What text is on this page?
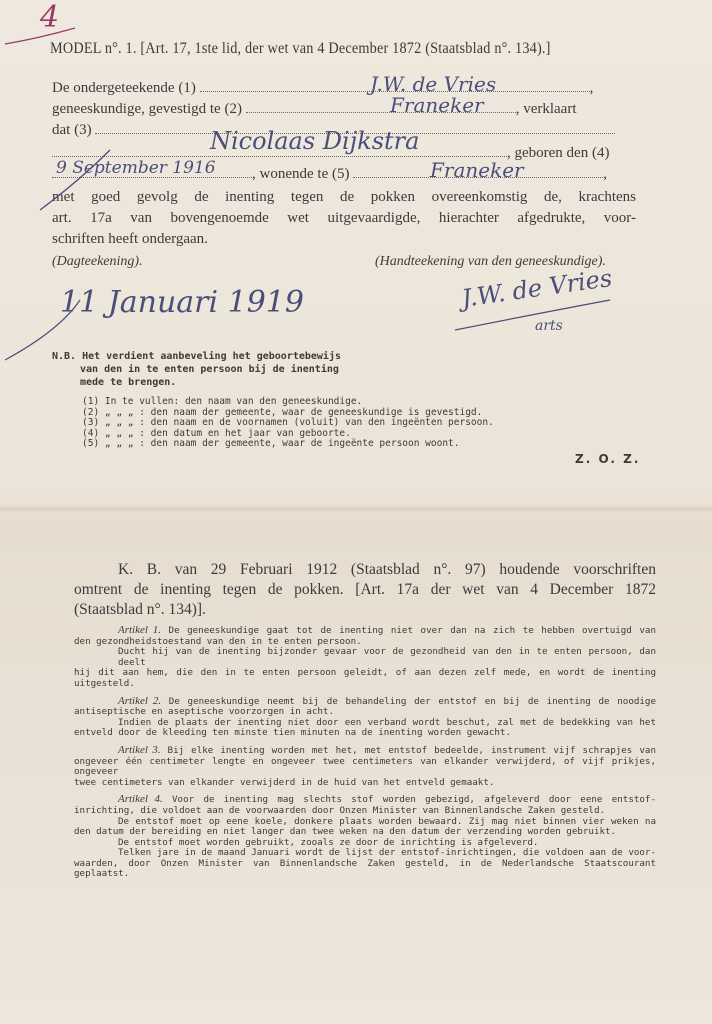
4
MODEL n°. 1. [Art. 17, 1ste lid, der wet van 4 December 1872 (Staatsblad n°. 134).]
De ondergeteekende (1)	,
geneeskundige, gevestigd te (2)	, verklaart
dat (3)
, geboren den (4)
, wonende te (5)	,
met goed gevolg de inenting tegen de pokken overeenkomstig de, krachtens
art. 17a van bovengenoemde wet uitgevaardigde, hierachter afgedrukte, voor-
schriften heeft ondergaan.
(Dagteekening).	(Handteekening van den geneeskundige).
J.W. de Vries
Franeker
Nicolaas Dijkstra
9 September 1916	Franeker
11 Januari 1919	J.W. de Vries
arts
N.B. Het verdient aanbeveling het geboortebewijs
van den in te enten persoon bij de inenting
mede te brengen.
(1) In te vullen: den naam van den geneeskundige.
(2) „ „ „ : den naam der gemeente, waar de geneeskundige is gevestigd.
(3) „ „ „ : den naam en de voornamen (voluit) van den ingeënten persoon.
(4) „ „ „ : den datum en het jaar van geboorte.
(5) „ „ „ : den naam der gemeente, waar de ingeënte persoon woont.
Z. O. Z.
K. B. van 29 Februari 1912 (Staatsblad n°. 97) houdende voorschriften
omtrent de inenting tegen de pokken. [Art. 17a der wet van 4 December 1872
(Staatsblad n°. 134)].

Artikel 1. De geneeskundige gaat tot de inenting niet over dan na zich te hebben overtuigd van
den gezondheidstoestand van den in te enten persoon.
Ducht hij van de inenting bijzonder gevaar voor de gezondheid van den in te enten persoon, dan deelt
hij dit aan hem, die den in te enten persoon geleidt, of aan dezen zelf mede, en wordt de inenting uitgesteld.

Artikel 2. De geneeskundige neemt bij de behandeling der entstof en bij de inenting de noodige
antiseptische en aseptische voorzorgen in acht.
Indien de plaats der inenting niet door een verband wordt beschut, zal met de bedekking van het
entveld door de kleeding ten minste tien minuten na de inenting worden gewacht.

Artikel 3. Bij elke inenting worden met het, met entstof bedeelde, instrument vijf schrapjes van
ongeveer één centimeter lengte en ongeveer twee centimeters van elkander verwijderd, of vijf prikjes, ongeveer
twee centimeters van elkander verwijderd in de huid van het entveld gemaakt.

Artikel 4. Voor de inenting mag slechts stof worden gebezigd, afgeleverd door eene entstof-
inrichting, die voldoet aan de voorwaarden door Onzen Minister van Binnenlandsche Zaken gesteld.
De entstof moet op eene koele, donkere plaats worden bewaard. Zij mag niet binnen vier weken na
den datum der bereiding en niet langer dan twee weken na den datum der verzending worden gebruikt.
De entstof moet worden gebruikt, zooals ze door de inrichting is afgeleverd.
Telken jare in de maand Januari wordt de lijst der entstof-inrichtingen, die voldoen aan de voor-
waarden, door Onzen Minister van Binnenlandsche Zaken gesteld, in de Nederlandsche Staatscourant geplaatst.
